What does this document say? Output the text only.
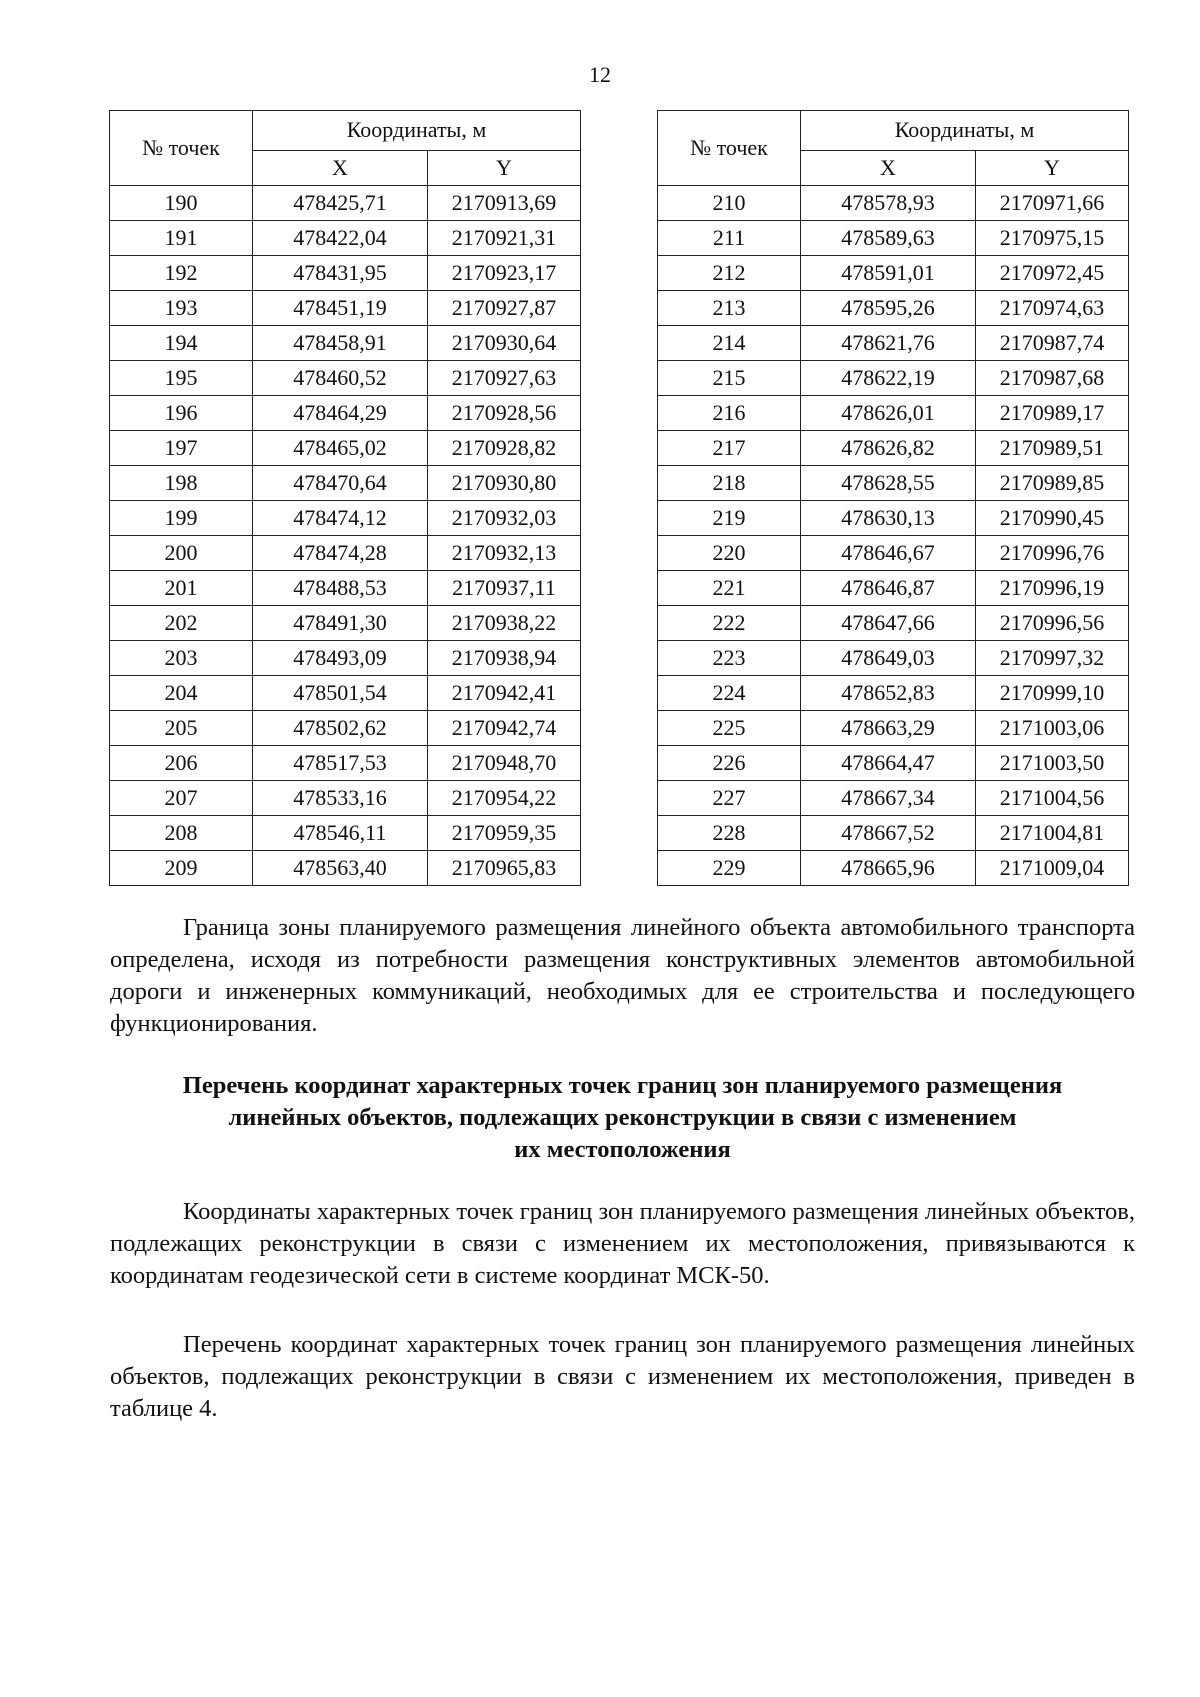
12
№ точек	Координаты, м	
	X	Y
190	478425,71	2170913,69
191	478422,04	2170921,31
192	478431,95	2170923,17
193	478451,19	2170927,87
194	478458,91	2170930,64
195	478460,52	2170927,63
196	478464,29	2170928,56
197	478465,02	2170928,82
198	478470,64	2170930,80
199	478474,12	2170932,03
200	478474,28	2170932,13
201	478488,53	2170937,11
202	478491,30	2170938,22
203	478493,09	2170938,94
204	478501,54	2170942,41
205	478502,62	2170942,74
206	478517,53	2170948,70
207	478533,16	2170954,22
208	478546,11	2170959,35
209	478563,40	2170965,83
№ точек	Координаты, м	
	X	Y
210	478578,93	2170971,66
211	478589,63	2170975,15
212	478591,01	2170972,45
213	478595,26	2170974,63
214	478621,76	2170987,74
215	478622,19	2170987,68
216	478626,01	2170989,17
217	478626,82	2170989,51
218	478628,55	2170989,85
219	478630,13	2170990,45
220	478646,67	2170996,76
221	478646,87	2170996,19
222	478647,66	2170996,56
223	478649,03	2170997,32
224	478652,83	2170999,10
225	478663,29	2171003,06
226	478664,47	2171003,50
227	478667,34	2171004,56
228	478667,52	2171004,81
229	478665,96	2171009,04

Граница зоны планируемого размещения линейного объекта автомобильного транспорта определена, исходя из потребности размещения конструктивных элементов автомобильной дороги и инженерных коммуникаций, необходимых для ее строительства и последующего функционирования.

Перечень координат характерных точек границ зон планируемого размещения
линейных объектов, подлежащих реконструкции в связи с изменением
их местоположения

Координаты характерных точек границ зон планируемого размещения линейных объектов, подлежащих реконструкции в связи с изменением их местоположения, привязываются к координатам геодезической сети в системе координат МСК-50.

Перечень координат характерных точек границ зон планируемого размещения линейных объектов, подлежащих реконструкции в связи с изменением их местоположения, приведен в таблице 4.
